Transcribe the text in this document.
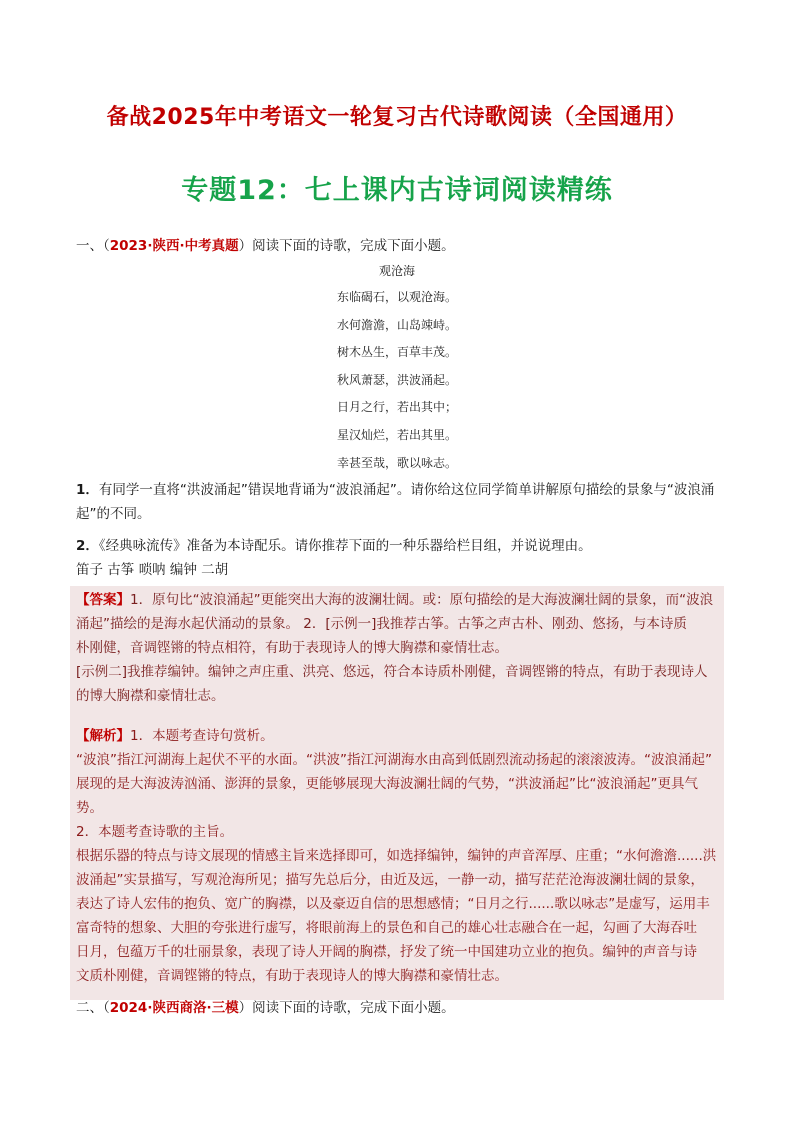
备战2025年中考语文一轮复习古代诗歌阅读（全国通用）
专题12：七上课内古诗词阅读精练
一、（2023·陕西·中考真题）阅读下面的诗歌，完成下面小题。
观沧海
东临碣石，以观沧海。
水何澹澹，山岛竦峙。
树木丛生，百草丰茂。
秋风萧瑟，洪波涌起。
日月之行，若出其中；
星汉灿烂，若出其里。
幸甚至哉，歌以咏志。
1．有同学一直将“洪波涌起”错误地背诵为“波浪涌起”。请你给这位同学简单讲解原句描绘的景象与“波浪涌
起”的不同。
2．《经典咏流传》准备为本诗配乐。请你推荐下面的一种乐器给栏目组，并说说理由。
笛子 古筝 唢呐 编钟 二胡
【答案】1．原句比“波浪涌起”更能突出大海的波澜壮阔。或：原句描绘的是大海波澜壮阔的景象，而“波浪
涌起”描绘的是海水起伏涌动的景象。 2．[示例一]我推荐古筝。古筝之声古朴、刚劲、悠扬，与本诗质
朴刚健，音调铿锵的特点相符，有助于表现诗人的博大胸襟和豪情壮志。
[示例二]我推荐编钟。编钟之声庄重、洪亮、悠远，符合本诗质朴刚健，音调铿锵的特点，有助于表现诗人
的博大胸襟和豪情壮志。
【解析】1．本题考查诗句赏析。
“波浪”指江河湖海上起伏不平的水面。“洪波”指江河湖海水由高到低剧烈流动扬起的滚滚波涛。“波浪涌起”
展现的是大海波涛汹涌、澎湃的景象，更能够展现大海波澜壮阔的气势，“洪波涌起”比“波浪涌起”更具气势。
2．本题考查诗歌的主旨。
根据乐器的特点与诗文展现的情感主旨来选择即可，如选择编钟，编钟的声音浑厚、庄重；“水何澹澹......洪
波涌起”实景描写，写观沧海所见；描写先总后分，由近及远，一静一动，描写茫茫沧海波澜壮阔的景象，
表达了诗人宏伟的抱负、宽广的胸襟，以及豪迈自信的思想感情；“日月之行......歌以咏志”是虚写，运用丰
富奇特的想象、大胆的夸张进行虚写，将眼前海上的景色和自己的雄心壮志融合在一起，勾画了大海吞吐
日月，包蕴万千的壮丽景象，表现了诗人开阔的胸襟，抒发了统一中国建功立业的抱负。编钟的声音与诗
文质朴刚健，音调铿锵的特点，有助于表现诗人的博大胸襟和豪情壮志。
二、（2024·陕西商洛·三模）阅读下面的诗歌，完成下面小题。
